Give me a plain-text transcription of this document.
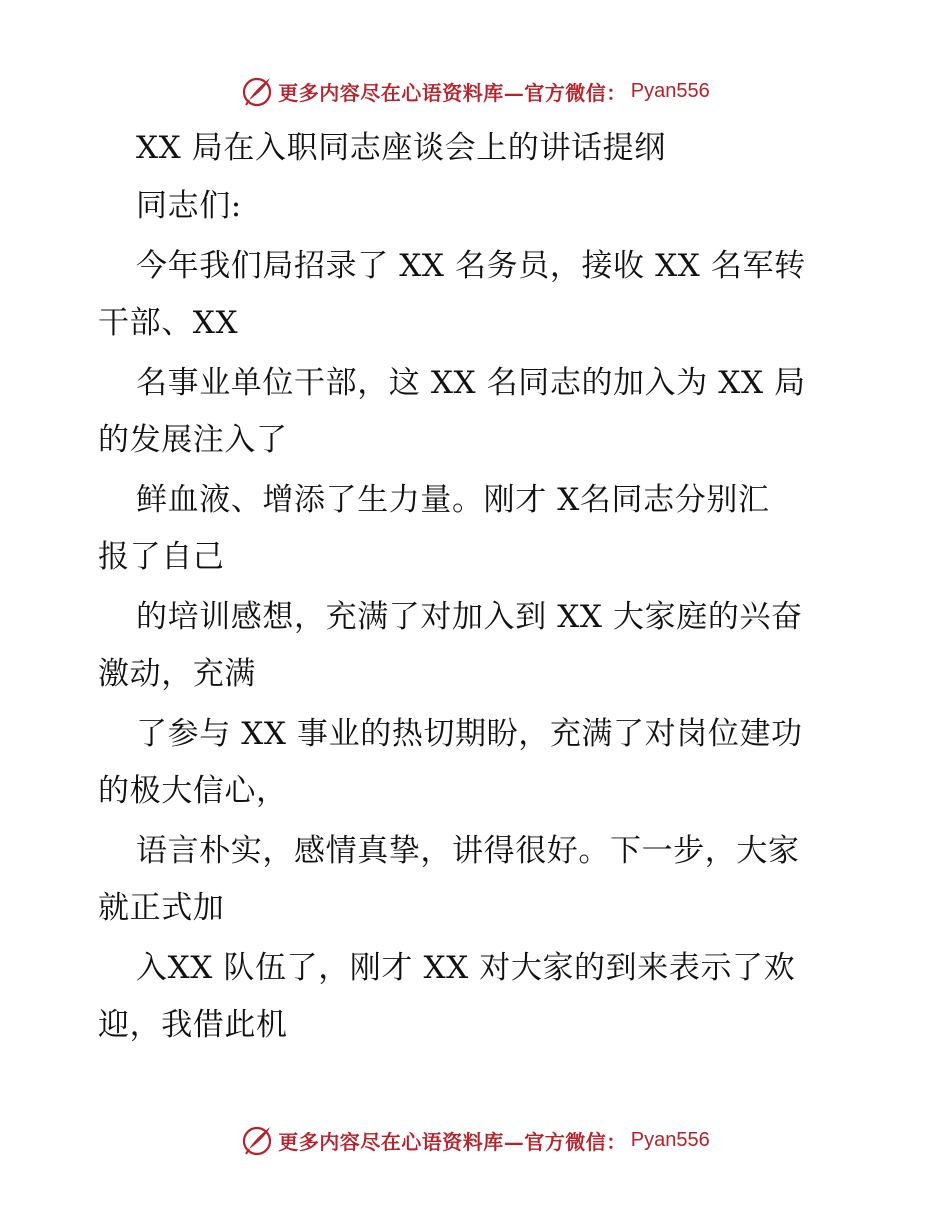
更多内容尽在心语资料库—官方微信： Pyan556
XX 局在入职同志座谈会上的讲话提纲
同志们:
今年我们局招录了 XX 名务员，接收 XX 名军转
干部、XX
名事业单位干部，这 XX 名同志的加入为 XX 局
的发展注入了
鲜血液、增添了生力量。刚才 X名同志分别汇
报了自己
的培训感想，充满了对加入到 XX 大家庭的兴奋
激动，充满
了参与 XX 事业的热切期盼，充满了对岗位建功
的极大信心，
语言朴实，感情真挚，讲得很好。下一步，大家
就正式加
入XX 队伍了，刚才 XX 对大家的到来表示了欢
迎，我借此机
更多内容尽在心语资料库—官方微信： Pyan556
